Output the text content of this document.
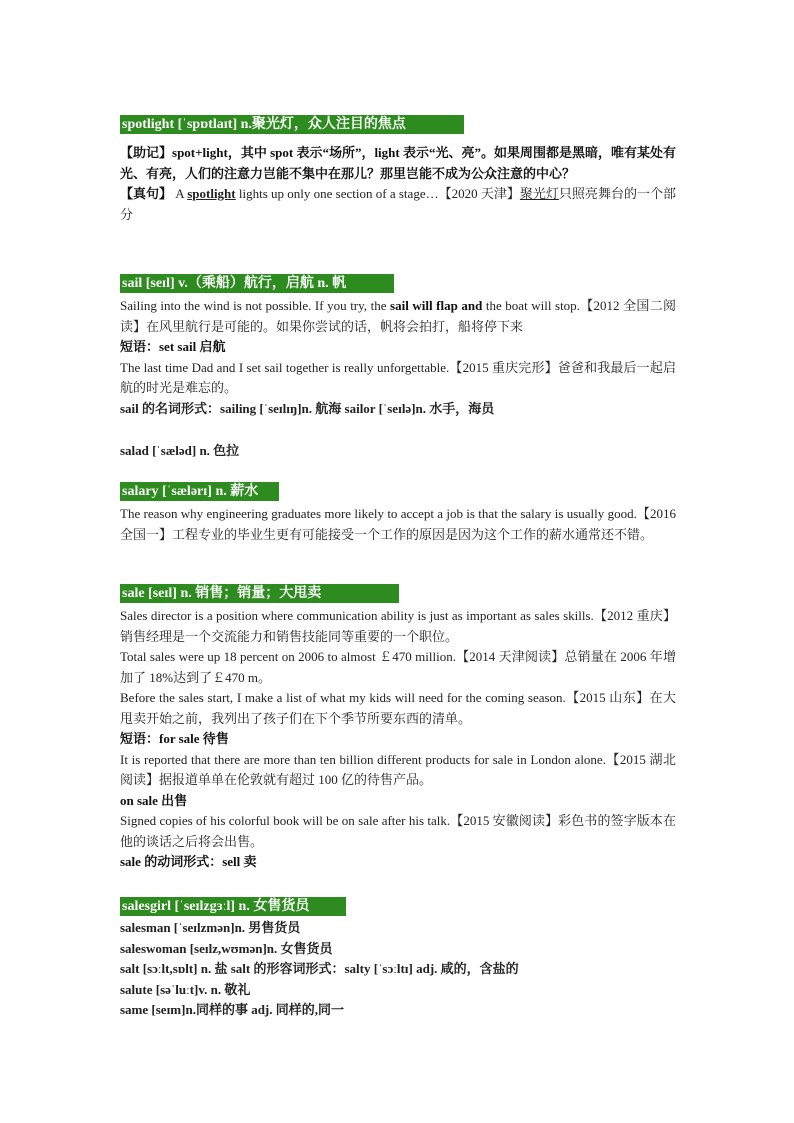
spotlight [ˈspɒtlaɪt] n.聚光灯，众人注目的焦点

【助记】spot+light，其中 spot 表示“场所”，light 表示“光、亮”。如果周围都是黑暗，唯有某处有光、有亮，人们的注意力岂能不集中在那儿？那里岂能不成为公众注意的中心？

【真句】 A spotlight lights up only one section of a stage…【2020 天津】聚光灯只照亮舞台的一个部分

sail [seɪl] v.（乘船）航行，启航 n. 帆

Sailing into the wind is not possible. If you try, the sail will flap and the boat will stop.【2012 全国二阅读】在风里航行是可能的。如果你尝试的话，帆将会拍打，船将停下来

短语：set sail 启航

The last time Dad and I set sail together is really unforgettable.【2015 重庆完形】爸爸和我最后一起启航的时光是难忘的。

sail 的名词形式：sailing [ˈseɪlɪŋ]n. 航海 sailor [ˈseɪlə]n. 水手，海员

salad [ˈsæləd] n. 色拉

salary [ˈsælərɪ] n. 薪水

The reason why engineering graduates more likely to accept a job is that the salary is usually good.【2016 全国一】工程专业的毕业生更有可能接受一个工作的原因是因为这个工作的薪水通常还不错。

sale [seɪl] n. 销售；销量；大甩卖

Sales director is a position where communication ability is just as important as sales skills.【2012 重庆】销售经理是一个交流能力和销售技能同等重要的一个职位。

Total sales were up 18 percent on 2006 to almost ￡470 million.【2014 天津阅读】总销量在 2006 年增加了 18%达到了￡470 m。

Before the sales start, I make a list of what my kids will need for the coming season.【2015 山东】在大甩卖开始之前，我列出了孩子们在下个季节所要东西的清单。

短语：for sale 待售

It is reported that there are more than ten billion different products for sale in London alone.【2015 湖北阅读】据报道单单在伦敦就有超过 100 亿的待售产品。

on sale 出售

Signed copies of his colorful book will be on sale after his talk.【2015 安徽阅读】彩色书的签字版本在他的谈话之后将会出售。

sale 的动词形式：sell 卖

salesgirl [ˈseɪlzgɜːl] n. 女售货员

salesman [ˈseɪlzmən]n. 男售货员

saleswoman [seɪlz,wʊmən]n. 女售货员

salt [sɔːlt,sɒlt] n. 盐 salt 的形容词形式：salty [ˈsɔːltɪ] adj. 咸的，含盐的

salute [səˈluːt]v. n. 敬礼

same [seɪm]n.同样的事 adj. 同样的,同一
